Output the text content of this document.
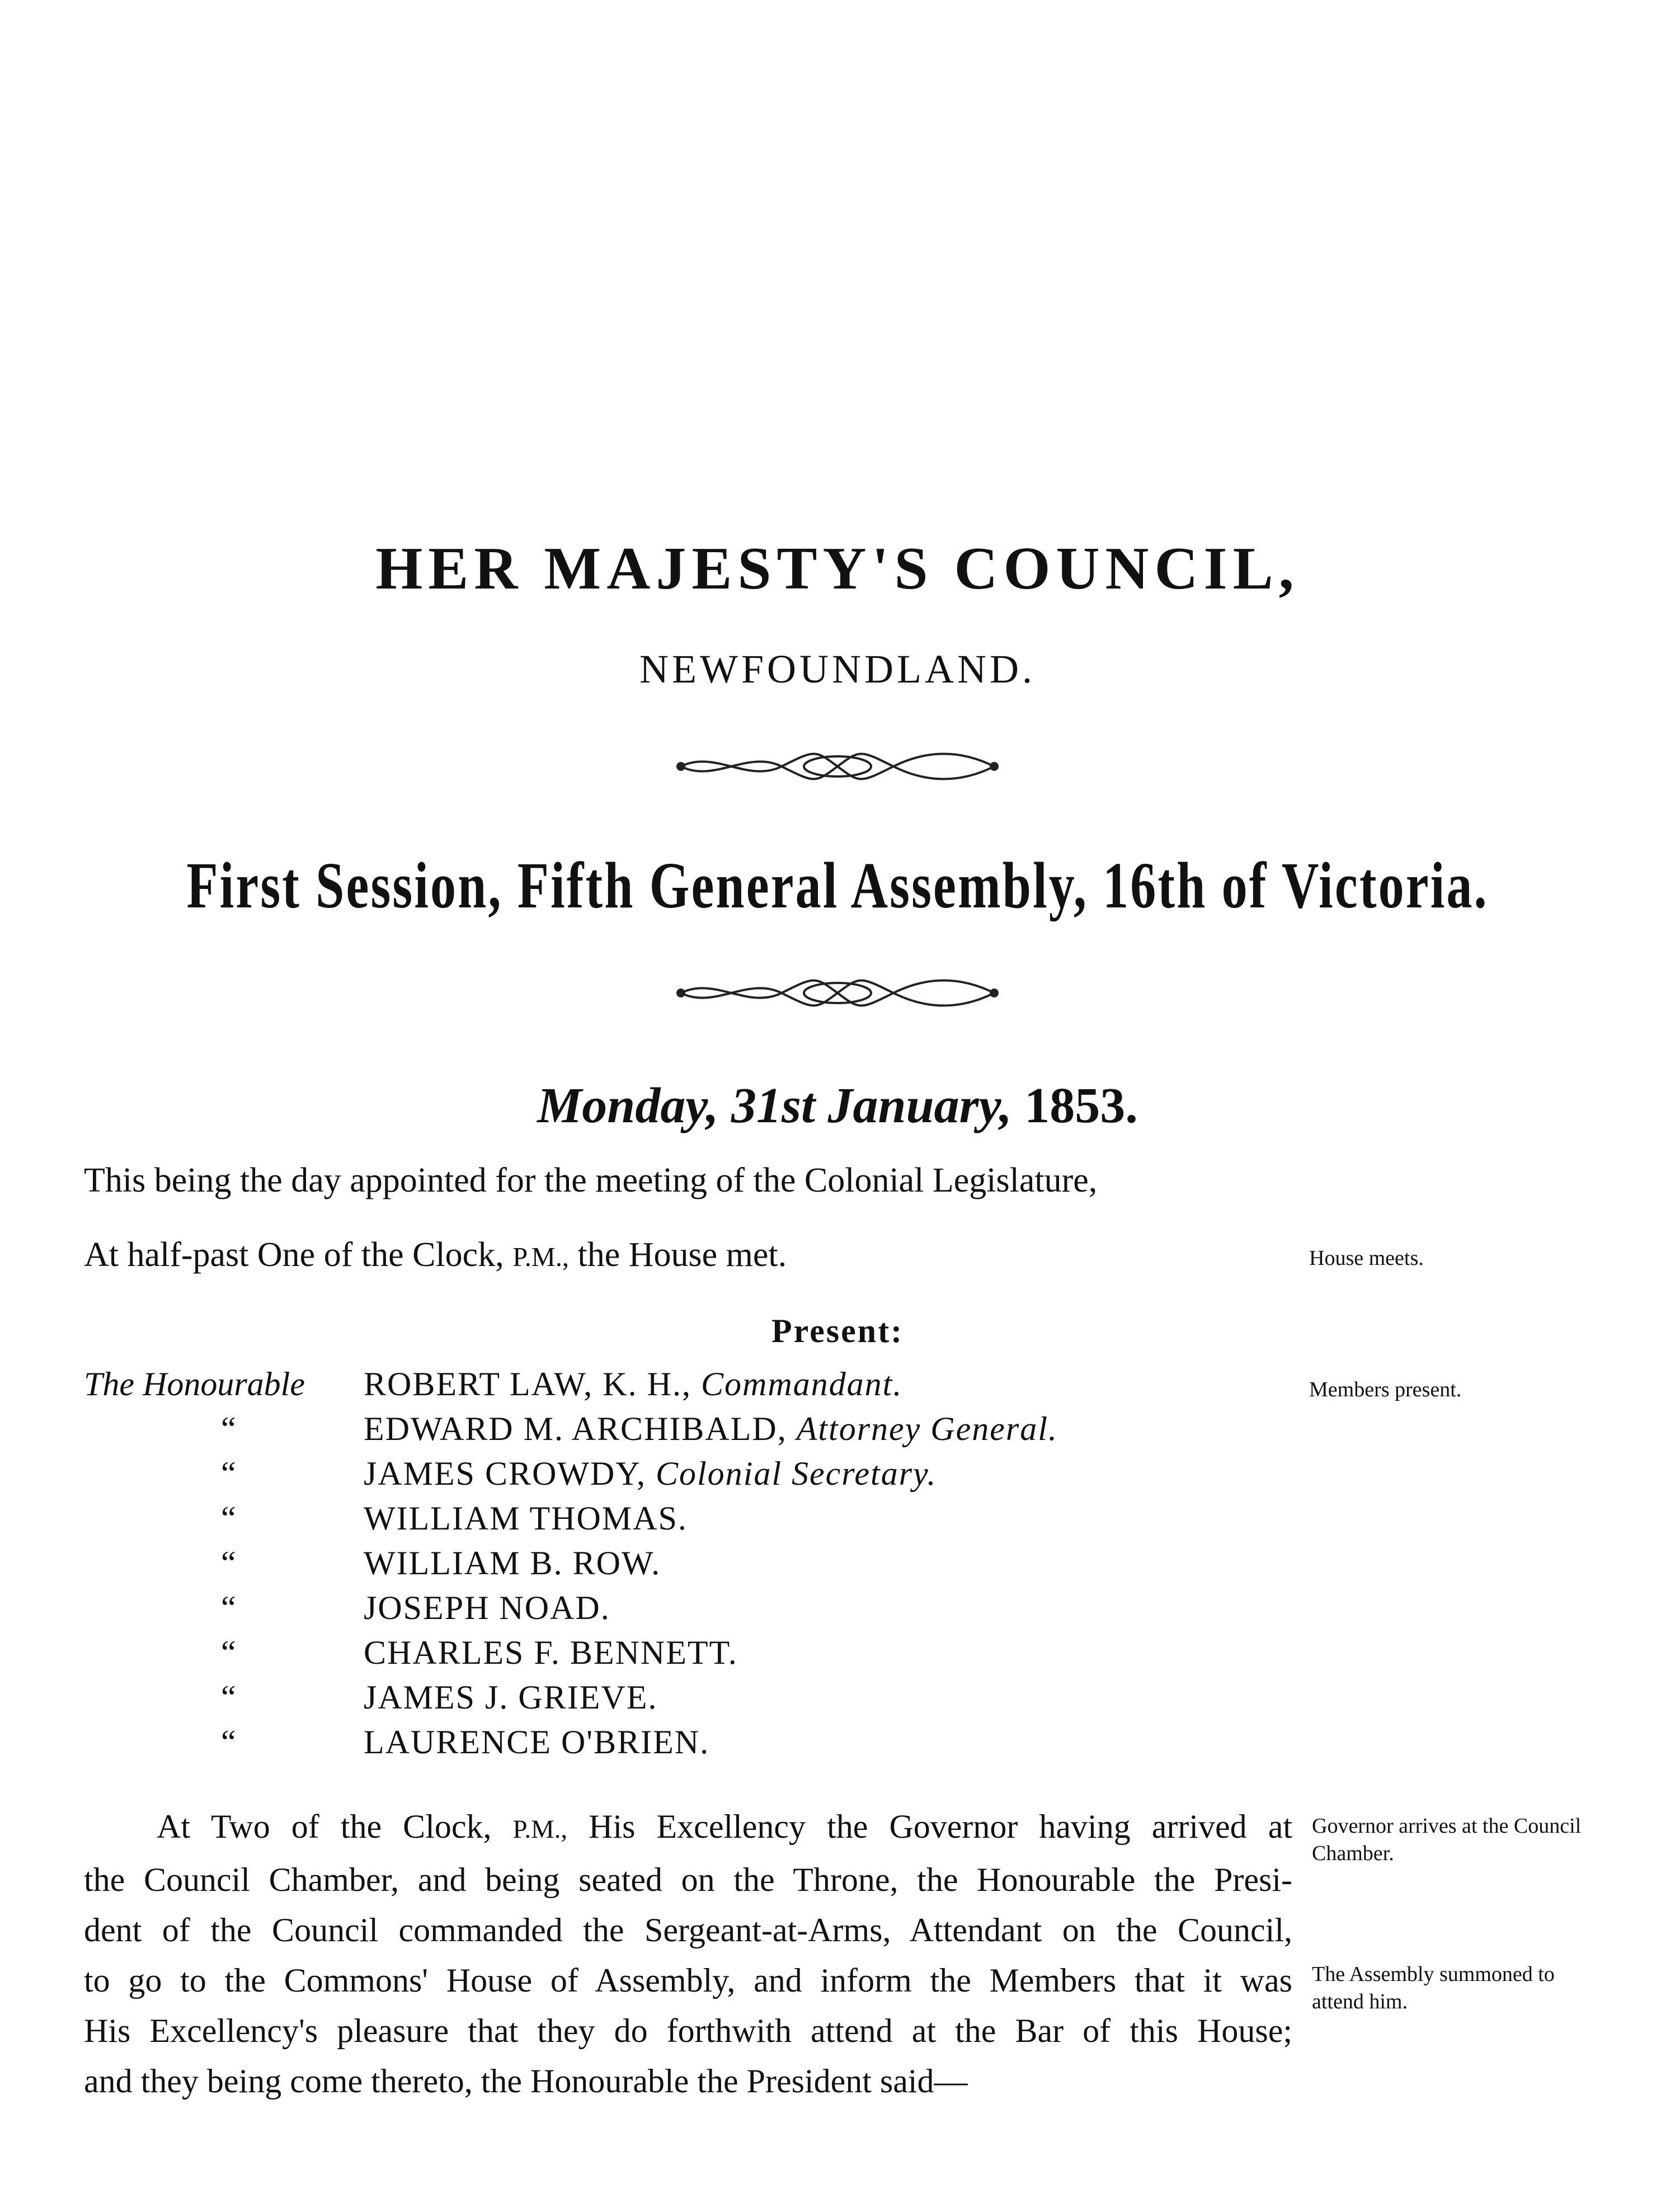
HER MAJESTY'S COUNCIL,
NEWFOUNDLAND.
First Session, Fifth General Assembly, 16th of Victoria.
Monday, 31st January, 1853.
This being the day appointed for the meeting of the Colonial Legislature,
At half-past One of the Clock, P.M., the House met.	House meets.
Present:
Members present.
The Honourable	ROBERT LAW, K. H., Commandant.
“	EDWARD M. ARCHIBALD, Attorney General.
“	JAMES CROWDY, Colonial Secretary.
“	WILLIAM THOMAS.
“	WILLIAM B. ROW.
“	JOSEPH NOAD.
“	CHARLES F. BENNETT.
“	JAMES J. GRIEVE.
“	LAURENCE O'BRIEN.
At Two of the Clock, P.M., His Excellency the Governor having arrived at
the Council Chamber, and being seated on the Throne, the Honourable the Presi-
dent of the Council commanded the Sergeant-at-Arms, Attendant on the Council,
to go to the Commons' House of Assembly, and inform the Members that it was
His Excellency's pleasure that they do forthwith attend at the Bar of this House;
and they being come thereto, the Honourable the President said—
Governor arrives at the Council Chamber.
The Assembly summoned to attend him.
